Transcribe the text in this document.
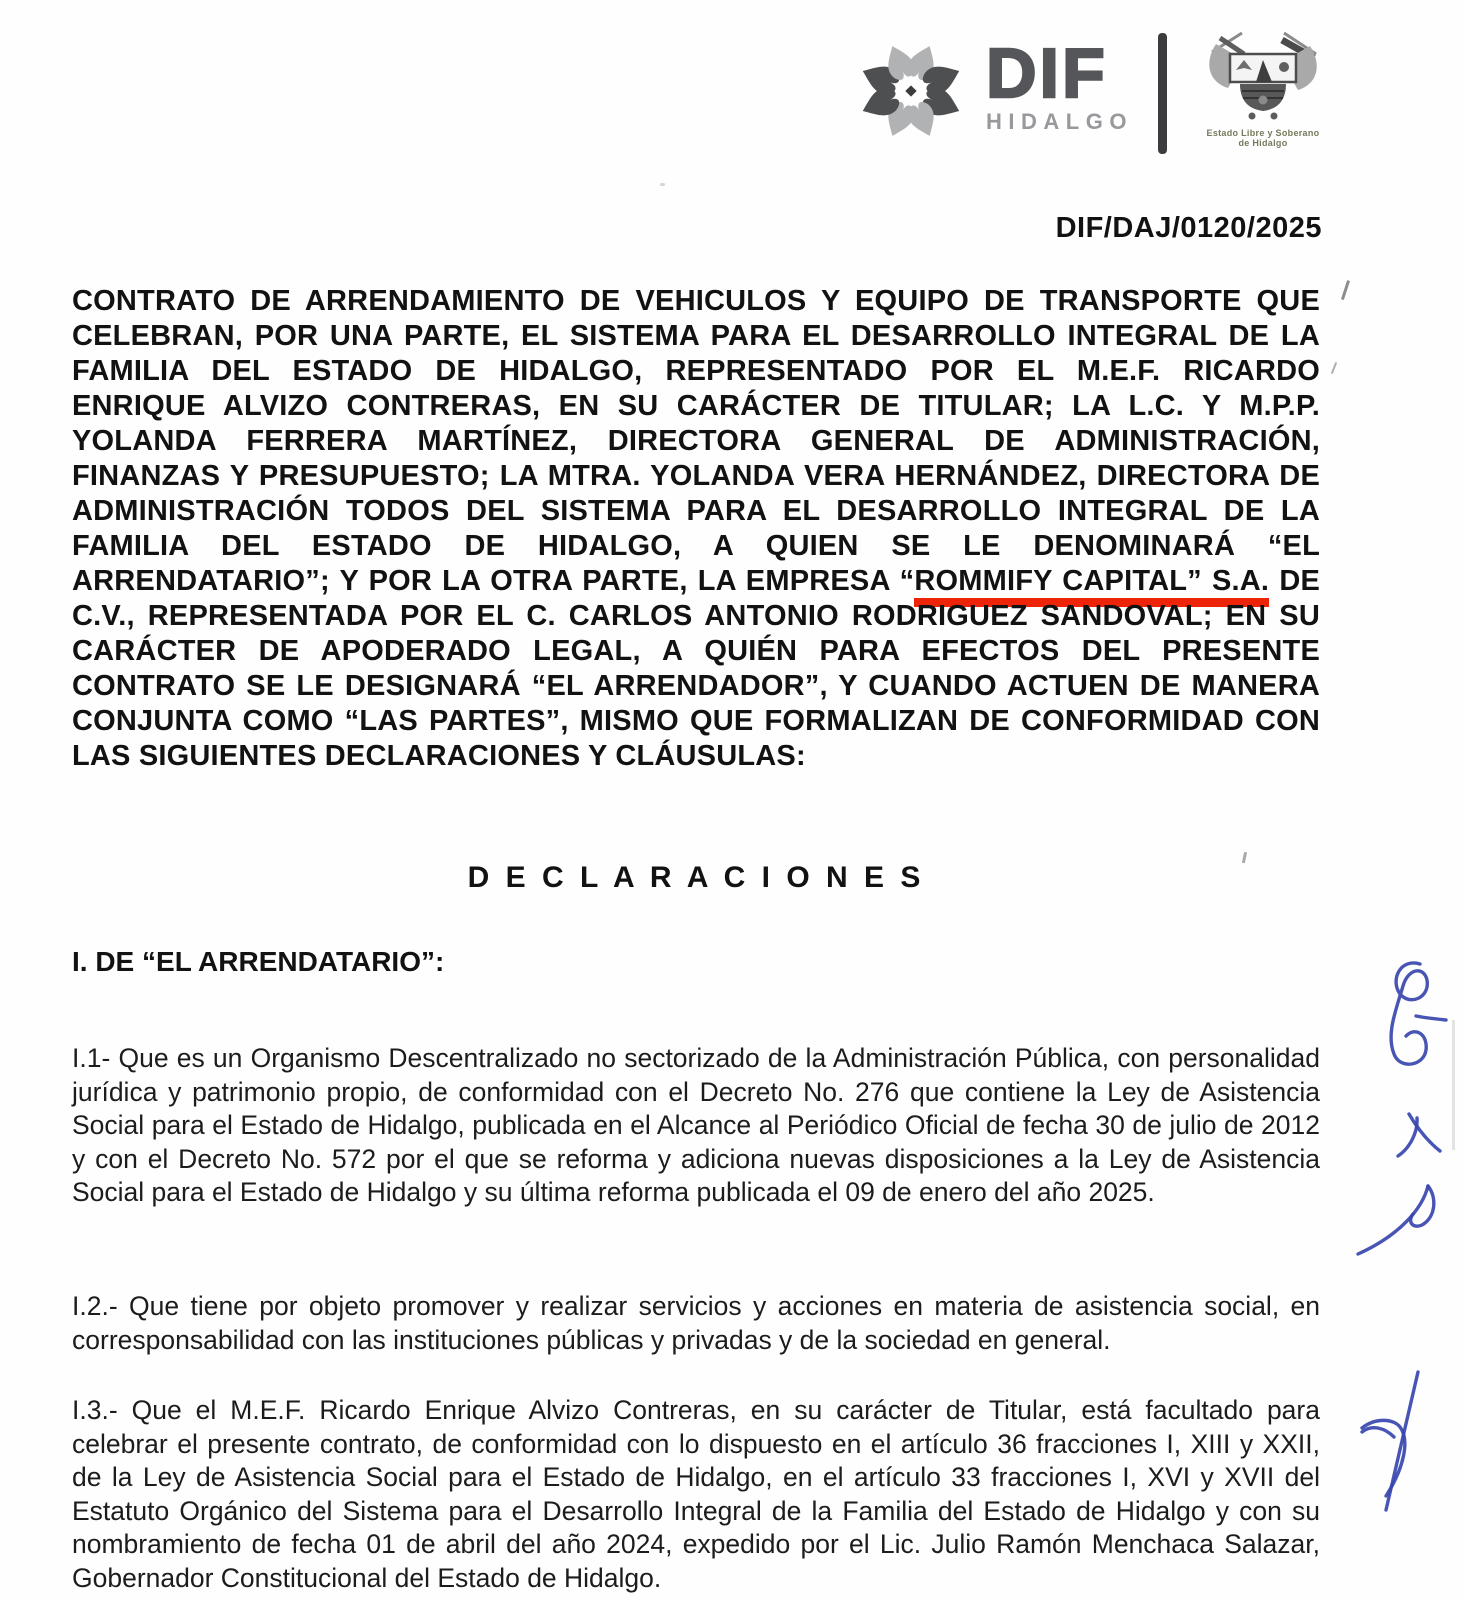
DIF
HIDALGO	Estado Libre y Soberano
de Hidalgo
DIF/DAJ/0120/2025

CONTRATO DE ARRENDAMIENTO DE VEHICULOS Y EQUIPO DE TRANSPORTE QUE CELEBRAN, POR UNA PARTE, EL SISTEMA PARA EL DESARROLLO INTEGRAL DE LA FAMILIA DEL ESTADO DE HIDALGO, REPRESENTADO POR EL M.E.F. RICARDO ENRIQUE ALVIZO CONTRERAS, EN SU CARÁCTER DE TITULAR; LA L.C. Y M.P.P. YOLANDA FERRERA MARTÍNEZ, DIRECTORA GENERAL DE ADMINISTRACIÓN, FINANZAS Y PRESUPUESTO; LA MTRA. YOLANDA VERA HERNÁNDEZ, DIRECTORA DE ADMINISTRACIÓN TODOS DEL SISTEMA PARA EL DESARROLLO INTEGRAL DE LA FAMILIA DEL ESTADO DE HIDALGO, A QUIEN SE LE DENOMINARÁ “EL ARRENDATARIO”; Y POR LA OTRA PARTE, LA EMPRESA “ROMMIFY CAPITAL” S.A. DE C.V., REPRESENTADA POR EL C. CARLOS ANTONIO RODRIGUEZ SANDOVAL; EN SU CARÁCTER DE APODERADO LEGAL, A QUIÉN PARA EFECTOS DEL PRESENTE CONTRATO SE LE DESIGNARÁ “EL ARRENDADOR”, Y CUANDO ACTUEN DE MANERA CONJUNTA COMO “LAS PARTES”, MISMO QUE FORMALIZAN DE CONFORMIDAD CON LAS SIGUIENTES DECLARACIONES Y CLÁUSULAS:

D E C L A R A C I O N E S
I. DE “EL ARRENDATARIO”:

I.1- Que es un Organismo Descentralizado no sectorizado de la Administración Pública, con personalidad jurídica y patrimonio propio, de conformidad con el Decreto No. 276 que contiene la Ley de Asistencia Social para el Estado de Hidalgo, publicada en el Alcance al Periódico Oficial de fecha 30 de julio de 2012 y con el Decreto No. 572 por el que se reforma y adiciona nuevas disposiciones a la Ley de Asistencia Social para el Estado de Hidalgo y su última reforma publicada el 09 de enero del año 2025.

I.2.- Que tiene por objeto promover y realizar servicios y acciones en materia de asistencia social, en corresponsabilidad con las instituciones públicas y privadas y de la sociedad en general.

I.3.- Que el M.E.F. Ricardo Enrique Alvizo Contreras, en su carácter de Titular, está facultado para celebrar el presente contrato, de conformidad con lo dispuesto en el artículo 36 fracciones I, XIII y XXII, de la Ley de Asistencia Social para el Estado de Hidalgo, en el artículo 33 fracciones I, XVI y XVII del Estatuto Orgánico del Sistema para el Desarrollo Integral de la Familia del Estado de Hidalgo y con su nombramiento de fecha 01 de abril del año 2024, expedido por el Lic. Julio Ramón Menchaca Salazar, Gobernador Constitucional del Estado de Hidalgo.
